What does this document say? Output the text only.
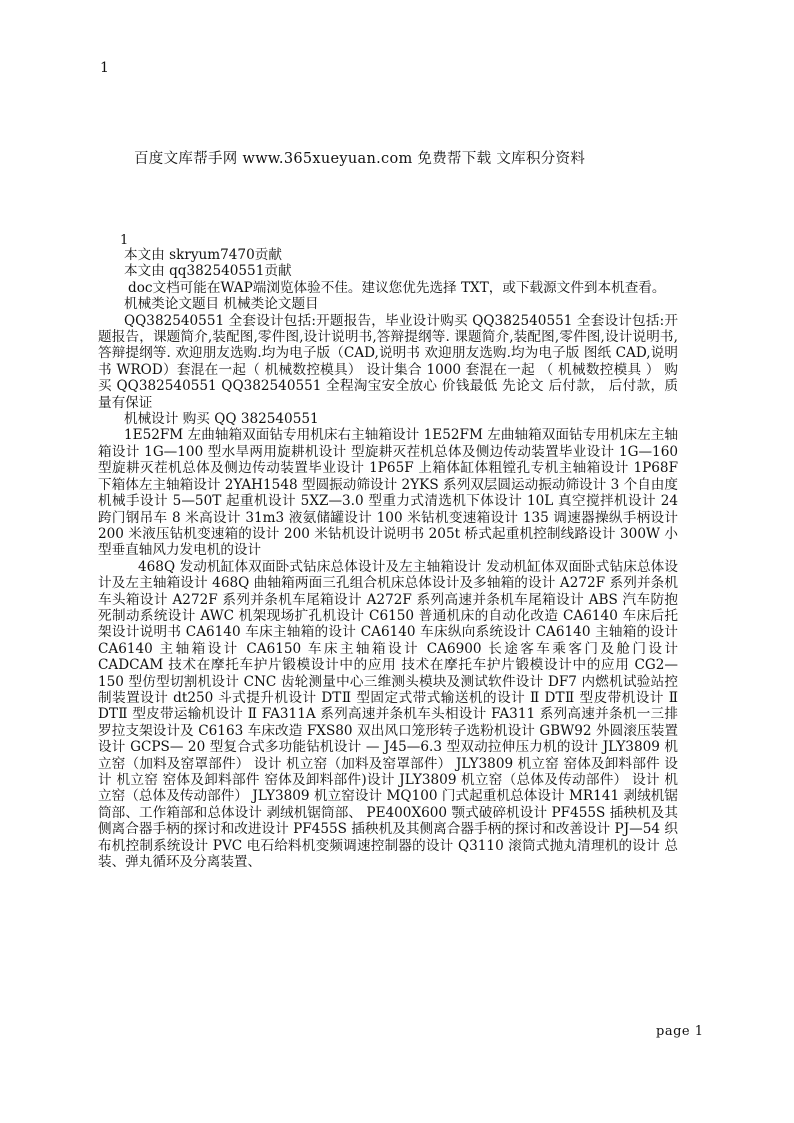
1
百度文库帮手网 www.365xueyuan.com 免费帮下载 文库积分资料
1

本文由 skryum7470贡献

本文由 qq382540551贡献

doc文档可能在WAP端浏览体验不佳。建议您优先选择 TXT，或下载源文件到本机查看。

机械类论文题目 机械类论文题目

QQ382540551 全套设计包括:开题报告，毕业设计购买 QQ382540551 全套设计包括:开题报告，课题简介,装配图,零件图,设计说明书,答辩提纲等. 课题简介,装配图,零件图,设计说明书,答辩提纲等. 欢迎朋友选购.均为电子版（CAD,说明书 欢迎朋友选购.均为电子版 图纸 CAD,说明书 WROD）套混在一起（ 机械数控模具） 设计集合 1000 套混在一起 （ 机械数控模具 ） 购买 QQ382540551 QQ382540551 全程淘宝安全放心 价钱最低 先论文 后付款， 后付款，质量有保证

机械设计 购买 QQ 382540551

1E52FM 左曲轴箱双面钻专用机床右主轴箱设计 1E52FM 左曲轴箱双面钻专用机床左主轴箱设计 1G—100 型水旱两用旋耕机设计 型旋耕灭茬机总体及侧边传动装置毕业设计 1G—160 型旋耕灭茬机总体及侧边传动装置毕业设计 1P65F 上箱体缸体粗镗孔专机主轴箱设计 1P68F 下箱体左主轴箱设计 2YAH1548 型圆振动筛设计 2YKS 系列双层圆运动振动筛设计 3 个自由度机械手设计 5—50T 起重机设计 5XZ—3.0 型重力式清选机下体设计 10L 真空搅拌机设计 24 跨门钢吊车 8 米高设计 31m3 液氨储罐设计 100 米钻机变速箱设计 135 调速器操纵手柄设计 200 米液压钻机变速箱的设计 200 米钻机设计说明书 205t 桥式起重机控制线路设计 300W 小型垂直轴风力发电机的设计

468Q 发动机缸体双面卧式钻床总体设计及左主轴箱设计 发动机缸体双面卧式钻床总体设计及左主轴箱设计 468Q 曲轴箱两面三孔组合机床总体设计及多轴箱的设计 A272F 系列并条机车头箱设计 A272F 系列并条机车尾箱设计 A272F 系列高速并条机车尾箱设计 ABS 汽车防抱死制动系统设计 AWC 机架现场扩孔机设计 C6150 普通机床的自动化改造 CA6140 车床后托架设计说明书 CA6140 车床主轴箱的设计 CA6140 车床纵向系统设计 CA6140 主轴箱的设计 CA6140 主轴箱设计 CA6150 车床主轴箱设计 CA6900 长途客车乘客门及舱门设计 CADCAM 技术在摩托车护片锻模设计中的应用 技术在摩托车护片锻模设计中的应用 CG2—150 型仿型切割机设计 CNC 齿轮测量中心三维测头模块及测试软件设计 DF7 内燃机试验站控制装置设计 dt250 斗式提升机设计 DTⅡ 型固定式带式输送机的设计 Ⅱ DTⅡ 型皮带机设计 Ⅱ DTⅡ 型皮带运输机设计 Ⅱ FA311A 系列高速并条机车头相设计 FA311 系列高速并条机一三排罗拉支架设计及 C6163 车床改造 FXS80 双出风口笼形转子选粉机设计 GBW92 外圆滚压装置设计 GCPS— 20 型复合式多功能钻机设计 — J45—6.3 型双动拉伸压力机的设计 JLY3809 机立窑（加料及窑罩部件） 设计 机立窑（加料及窑罩部件） JLY3809 机立窑 窑体及卸料部件 设计 机立窑 窑体及卸料部件 窑体及卸料部件)设计 JLY3809 机立窑（总体及传动部件） 设计 机立窑（总体及传动部件） JLY3809 机立窑设计 MQ100 门式起重机总体设计 MR141 剥绒机锯筒部、工作箱部和总体设计 剥绒机锯筒部、 PE400X600 颚式破碎机设计 PF455S 插秧机及其侧离合器手柄的探讨和改进设计 PF455S 插秧机及其侧离合器手柄的探讨和改善设计 PJ—54 织布机控制系统设计 PVC 电石给料机变频调速控制器的设计 Q3110 滚筒式抛丸清理机的设计 总装、弹丸循环及分离装置、

page 1
